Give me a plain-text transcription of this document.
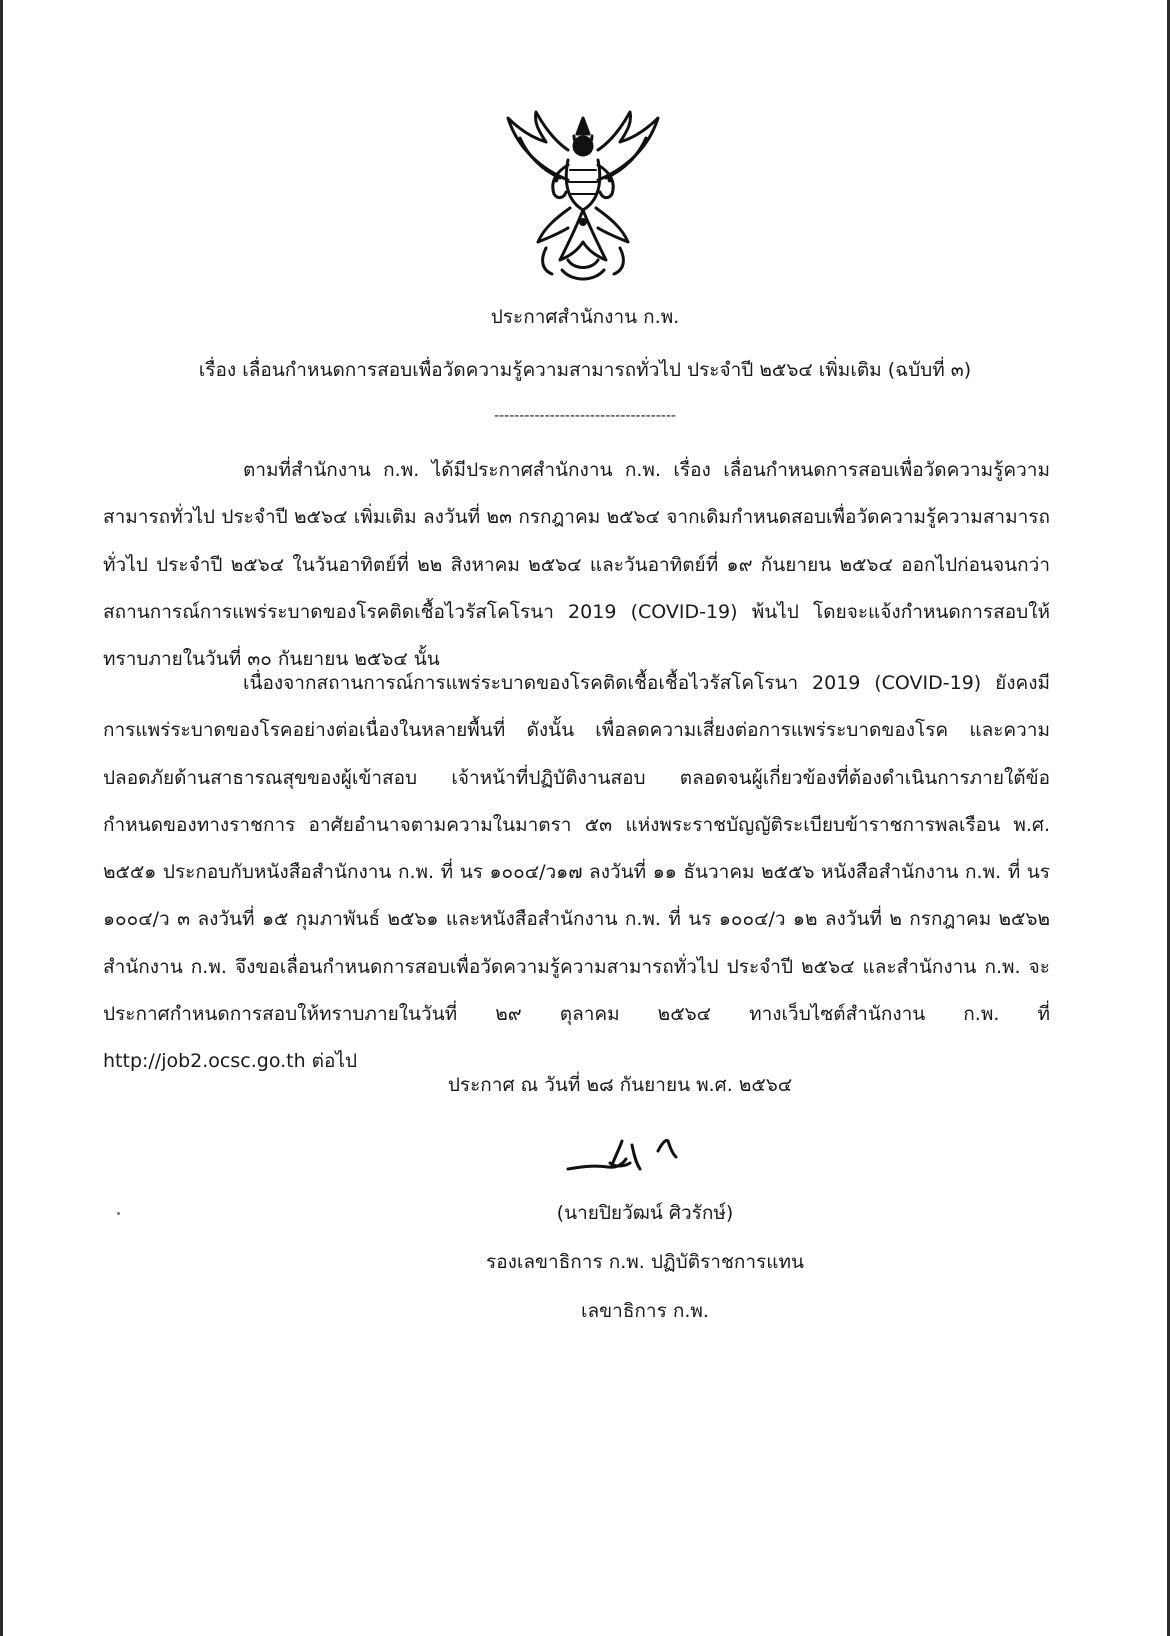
ประกาศสำนักงาน ก.พ.
เรื่อง เลื่อนกำหนดการสอบเพื่อวัดความรู้ความสามารถทั่วไป ประจำปี ๒๕๖๔ เพิ่มเติม (ฉบับที่ ๓)
------------------------------------

ตามที่สำนักงาน ก.พ. ได้มีประกาศสำนักงาน ก.พ. เรื่อง เลื่อนกำหนดการสอบเพื่อวัดความรู้ความสามารถทั่วไป ประจำปี ๒๕๖๔ เพิ่มเติม ลงวันที่ ๒๓ กรกฎาคม ๒๕๖๔ จากเดิมกำหนดสอบเพื่อวัดความรู้ความสามารถทั่วไป ประจำปี ๒๕๖๔ ในวันอาทิตย์ที่ ๒๒ สิงหาคม ๒๕๖๔ และวันอาทิตย์ที่ ๑๙ กันยายน ๒๕๖๔ ออกไปก่อนจนกว่าสถานการณ์การแพร่ระบาดของโรคติดเชื้อไวรัสโคโรนา 2019 (COVID-19) พ้นไป โดยจะแจ้งกำหนดการสอบให้ทราบภายในวันที่ ๓๐ กันยายน ๒๕๖๔ นั้น

เนื่องจากสถานการณ์การแพร่ระบาดของโรคติดเชื้อเชื้อไวรัสโคโรนา 2019 (COVID-19) ยังคงมีการแพร่ระบาดของโรคอย่างต่อเนื่องในหลายพื้นที่ ดังนั้น เพื่อลดความเสี่ยงต่อการแพร่ระบาดของโรค และความปลอดภัยด้านสาธารณสุขของผู้เข้าสอบ เจ้าหน้าที่ปฏิบัติงานสอบ ตลอดจนผู้เกี่ยวข้องที่ต้องดำเนินการภายใต้ข้อกำหนดของทางราชการ อาศัยอำนาจตามความในมาตรา ๕๓ แห่งพระราชบัญญัติระเบียบข้าราชการพลเรือน พ.ศ. ๒๕๕๑ ประกอบกับหนังสือสำนักงาน ก.พ. ที่ นร ๑๐๐๔/ว๑๗ ลงวันที่ ๑๑ ธันวาคม ๒๕๕๖ หนังสือสำนักงาน ก.พ. ที่ นร ๑๐๐๔/ว ๓ ลงวันที่ ๑๕ กุมภาพันธ์ ๒๕๖๑ และหนังสือสำนักงาน ก.พ. ที่ นร ๑๐๐๔/ว ๑๒ ลงวันที่ ๒ กรกฎาคม ๒๕๖๒ สำนักงาน ก.พ. จึงขอเลื่อนกำหนดการสอบเพื่อวัดความรู้ความสามารถทั่วไป ประจำปี ๒๕๖๔ และสำนักงาน ก.พ. จะประกาศกำหนดการสอบให้ทราบภายในวันที่ ๒๙ ตุลาคม ๒๕๖๔ ทางเว็บไซต์สำนักงาน ก.พ. ที่ http://job2.ocsc.go.th ต่อไป

ประกาศ ณ วันที่ ๒๘ กันยายน พ.ศ. ๒๕๖๔
(นายปิยวัฒน์ ศิวรักษ์)
รองเลขาธิการ ก.พ. ปฏิบัติราชการแทน
เลขาธิการ ก.พ.
